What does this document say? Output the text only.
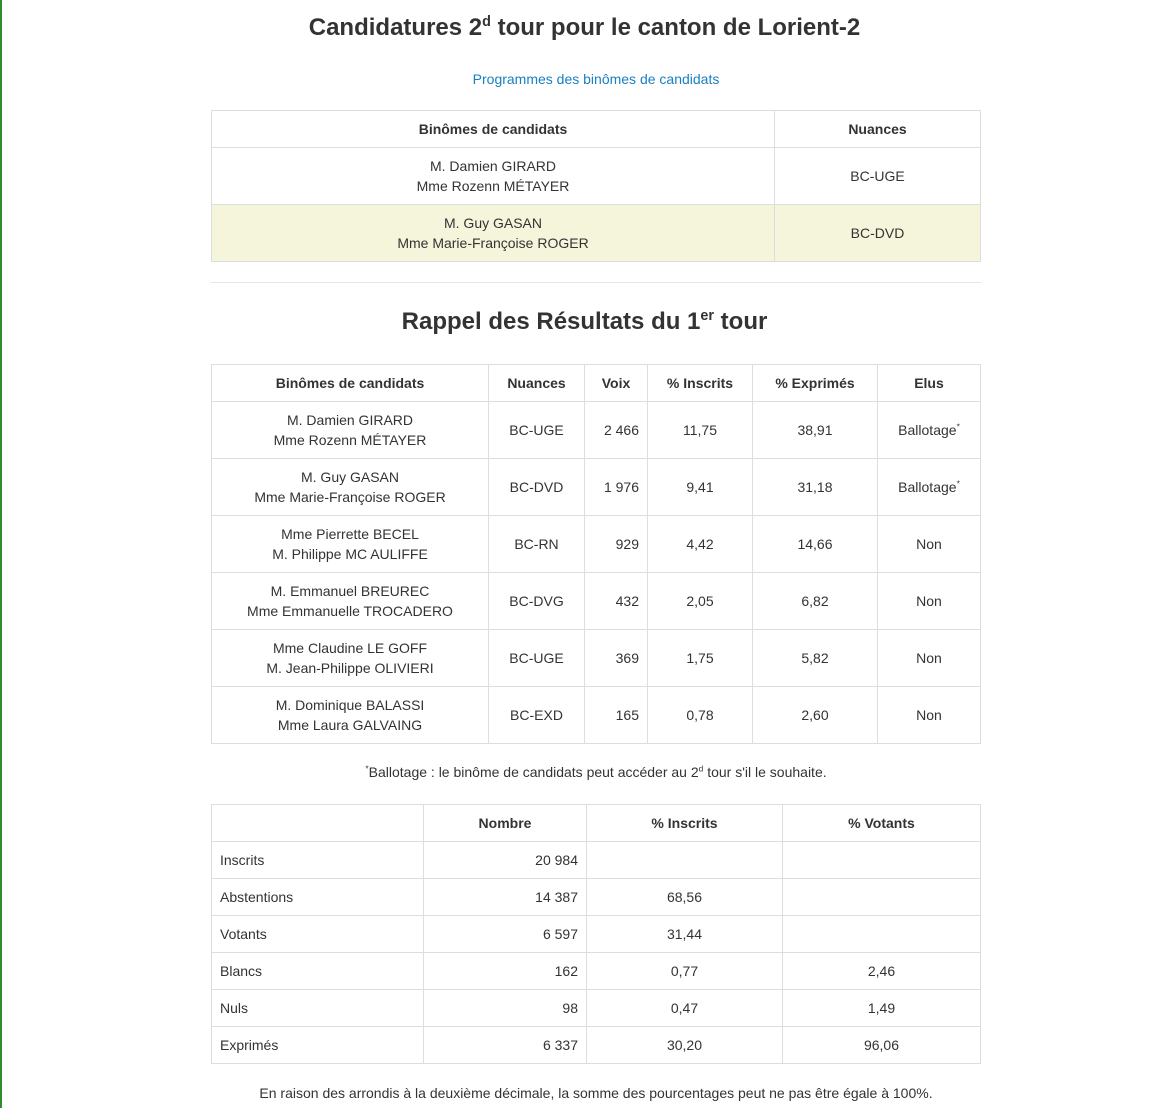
Candidatures 2$^d$ tour pour le canton de Lorient-2
Programmes des binômes de candidats
Binômes de candidats	Nuances
M. Damien GIRARD
Mme Rozenn MÉTAYER	BC-UGE
M. Guy GASAN
Mme Marie-Françoise ROGER	BC-DVD
Rappel des Résultats du 1er tour
Binômes de candidats	Nuances	Voix	% Inscrits	% Exprimés	Elus
M. Damien GIRARD
Mme Rozenn MÉTAYER	BC-UGE	2 466	11,75	38,91	Ballotage*
M. Guy GASAN
Mme Marie-Françoise ROGER	BC-DVD	1 976	9,41	31,18	Ballotage*
Mme Pierrette BECEL
M. Philippe MC AULIFFE	BC-RN	929	4,42	14,66	Non
M. Emmanuel BREUREC
Mme Emmanuelle TROCADERO	BC-DVG	432	2,05	6,82	Non
Mme Claudine LE GOFF
M. Jean-Philippe OLIVIERI	BC-UGE	369	1,75	5,82	Non
M. Dominique BALASSI
Mme Laura GALVAING	BC-EXD	165	0,78	2,60	Non
*Ballotage : le binôme de candidats peut accéder au 2$^d$ tour s'il le souhaite.
	Nombre	% Inscrits	% Votants
Inscrits	20 984		
Abstentions	14 387	68,56	
Votants	6 597	31,44	
Blancs	162	0,77	2,46
Nuls	98	0,47	1,49
Exprimés	6 337	30,20	96,06
En raison des arrondis à la deuxième décimale, la somme des pourcentages peut ne pas être égale à 100%.
